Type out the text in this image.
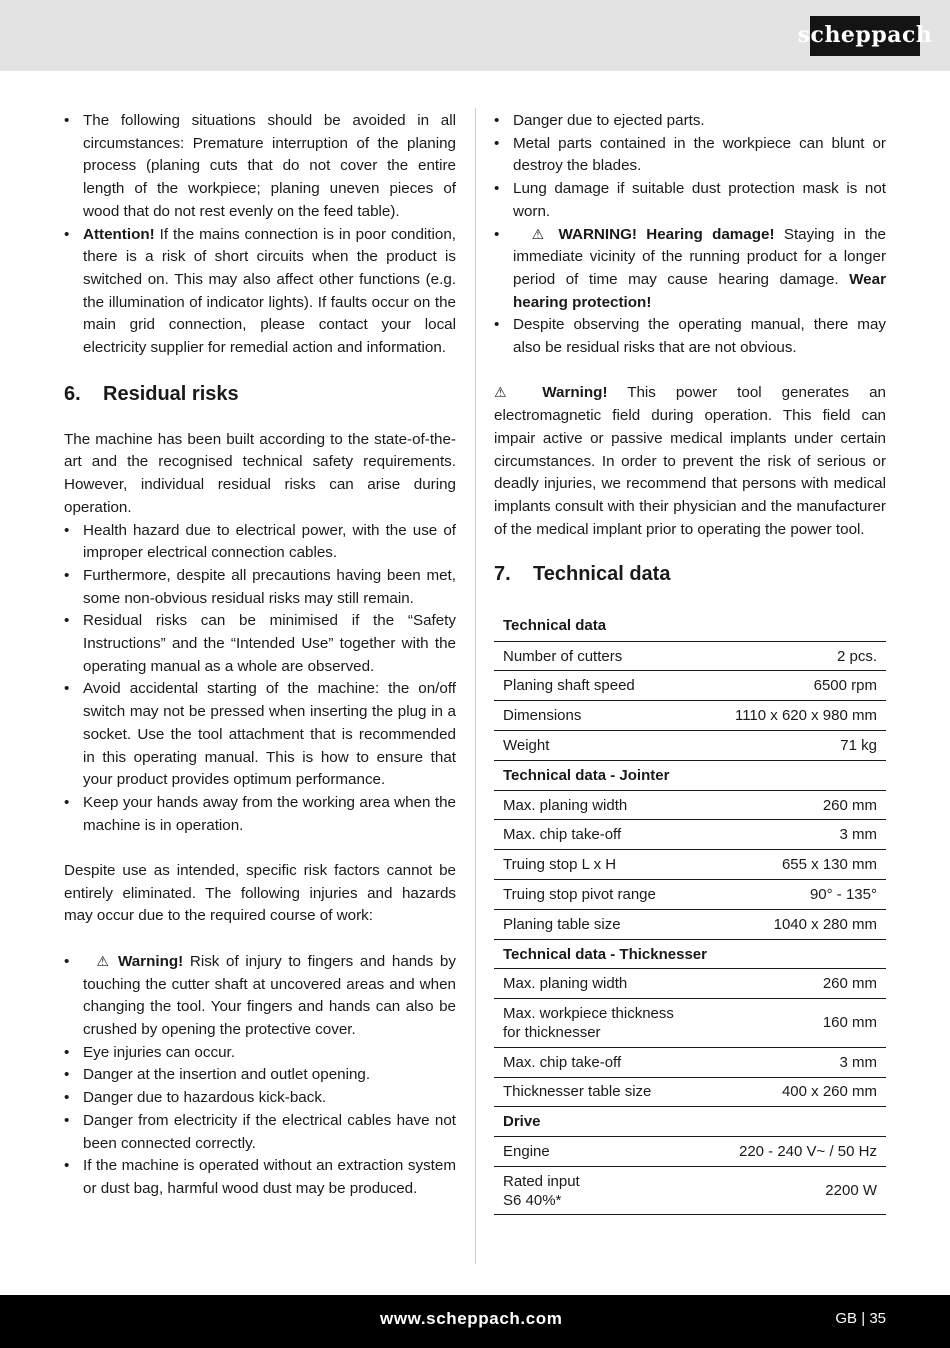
scheppach
• The following situations should be avoided in all circumstances: Premature interruption of the planing process (planing cuts that do not cover the entire length of the workpiece; planing uneven pieces of wood that do not rest evenly on the feed table).
• Attention! If the mains connection is in poor condition, there is a risk of short circuits when the product is switched on. This may also affect other functions (e.g. the illumination of indicator lights). If faults occur on the main grid connection, please contact your local electricity supplier for remedial action and information.
6.	Residual risks

The machine has been built according to the state-of-the-art and the recognised technical safety requirements. However, individual residual risks can arise during operation.

• Health hazard due to electrical power, with the use of improper electrical connection cables.
• Furthermore, despite all precautions having been met, some non-obvious residual risks may still remain.
• Residual risks can be minimised if the “Safety Instructions” and the “Intended Use” together with the operating manual as a whole are observed.
• Avoid accidental starting of the machine: the on/off switch may not be pressed when inserting the plug in a socket. Use the tool attachment that is recommended in this operating manual. This is how to ensure that your product provides optimum performance.
• Keep your hands away from the working area when the machine is in operation.

Despite use as intended, specific risk factors cannot be entirely eliminated. The following injuries and hazards may occur due to the required course of work:

• ⚠ Warning! Risk of injury to fingers and hands by touching the cutter shaft at uncovered areas and when changing the tool. Your fingers and hands can also be crushed by opening the protective cover.
• Eye injuries can occur.
• Danger at the insertion and outlet opening.
• Danger due to hazardous kick-back.
• Danger from electricity if the electrical cables have not been connected correctly.
• If the machine is operated without an extraction system or dust bag, harmful wood dust may be produced.
• Danger due to ejected parts.
• Metal parts contained in the workpiece can blunt or destroy the blades.
• Lung damage if suitable dust protection mask is not worn.
• ⚠ WARNING! Hearing damage! Staying in the immediate vicinity of the running product for a longer period of time may cause hearing damage. Wear hearing protection!
• Despite observing the operating manual, there may also be residual risks that are not obvious.

⚠ Warning! This power tool generates an electromagnetic field during operation. This field can impair active or passive medical implants under certain circumstances. In order to prevent the risk of serious or deadly injuries, we recommend that persons with medical implants consult with their physician and the manufacturer of the medical implant prior to operating the power tool.

7.	Technical data
Technical data	
Number of cutters	2 pcs.
Planing shaft speed	6500 rpm
Dimensions	1110 x 620 x 980 mm
Weight	71 kg
Technical data - Jointer	
Max. planing width	260 mm
Max. chip take-off	3 mm
Truing stop L x H	655 x 130 mm
Truing stop pivot range	90° - 135°
Planing table size	1040 x 280 mm
Technical data - Thicknesser	
Max. planing width	260 mm
Max. workpiece thickness
for thicknesser	160 mm
Max. chip take-off	3 mm
Thicknesser table size	400 x 260 mm
Drive	
Engine	220 - 240 V~ / 50 Hz
Rated input
S6 40%*	2200 W
www.scheppach.com	GB | 35
